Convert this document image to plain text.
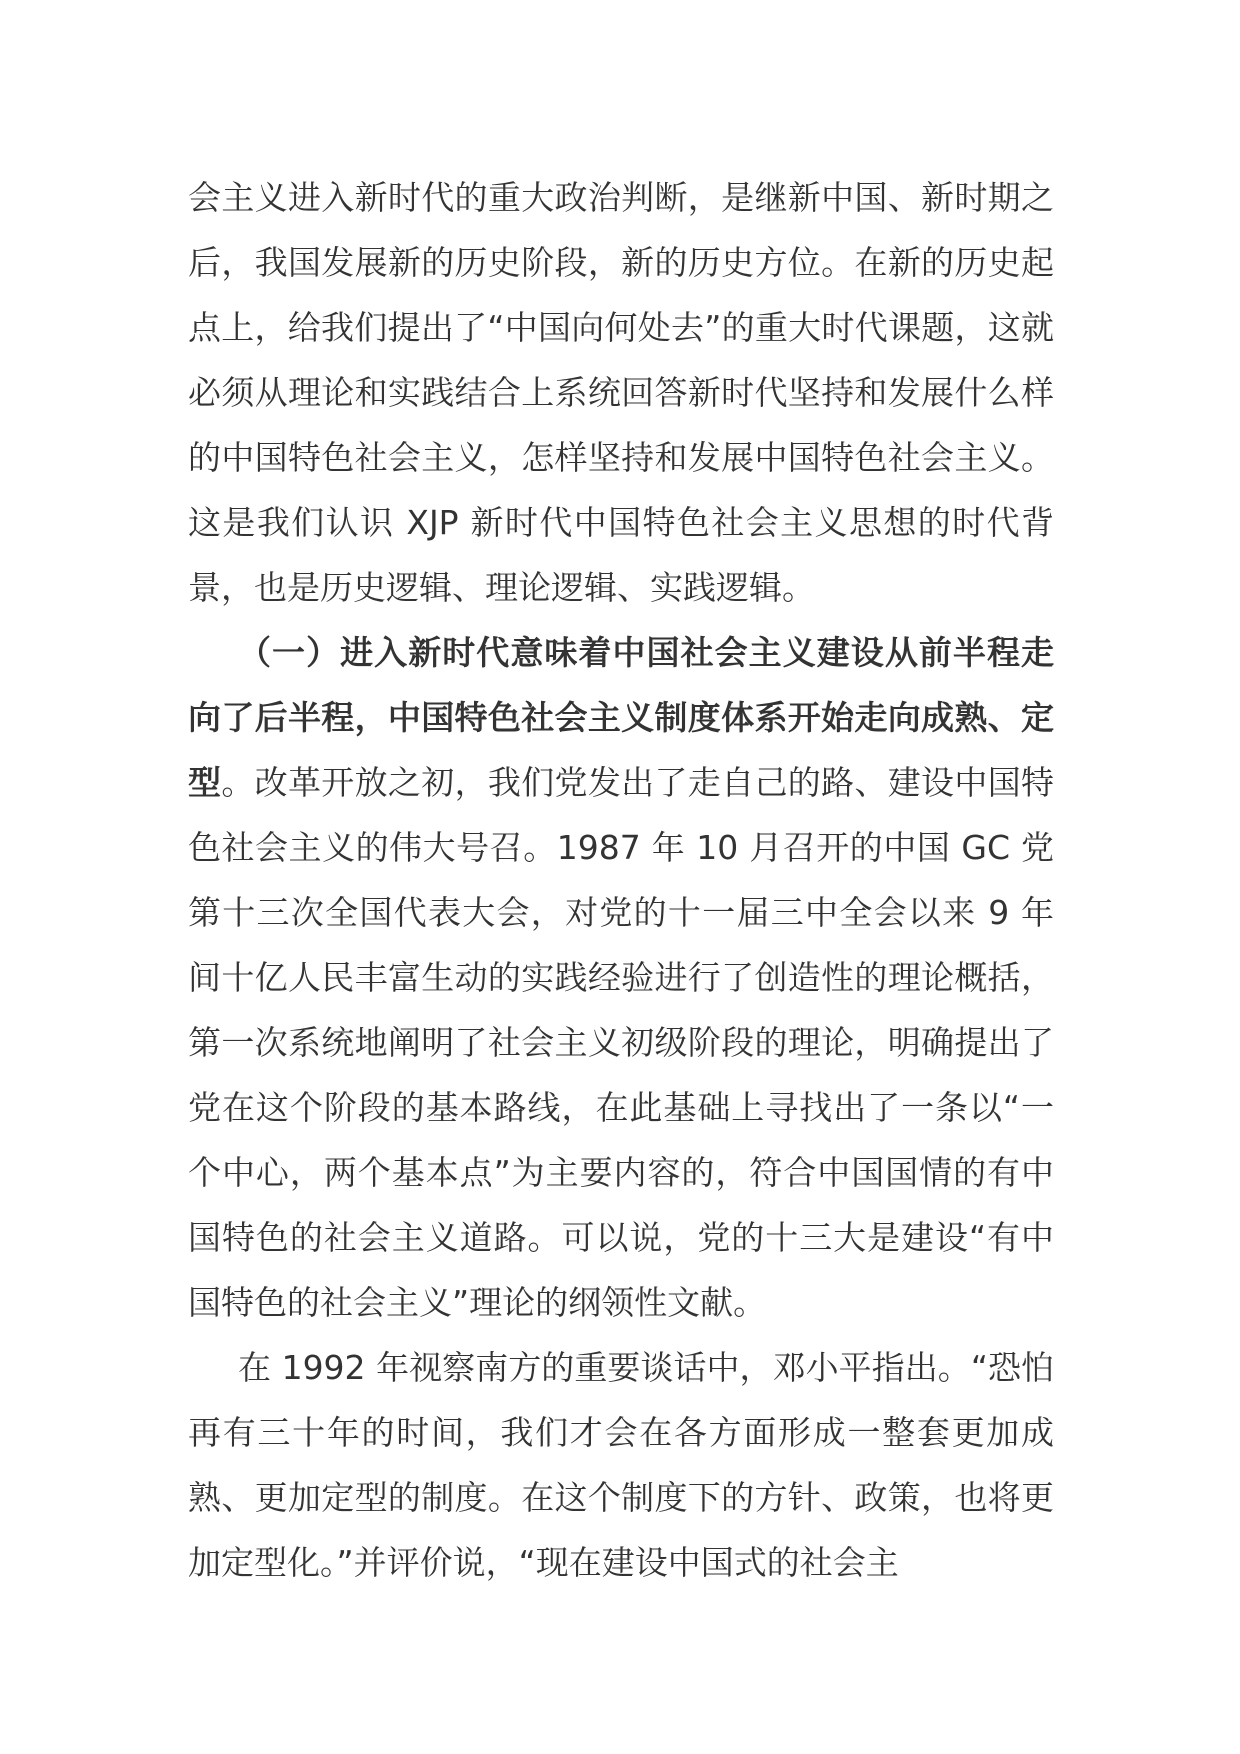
会主义进入新时代的重大政治判断，是继新中国、新时期之后，我国发展新的历史阶段，新的历史方位。在新的历史起点上，给我们提出了“中国向何处去”的重大时代课题，这就必须从理论和实践结合上系统回答新时代坚持和发展什么样的中国特色社会主义，怎样坚持和发展中国特色社会主义。这是我们认识 XJP 新时代中国特色社会主义思想的时代背景，也是历史逻辑、理论逻辑、实践逻辑。

（一）进入新时代意味着中国社会主义建设从前半程走向了后半程，中国特色社会主义制度体系开始走向成熟、定型。改革开放之初，我们党发出了走自己的路、建设中国特色社会主义的伟大号召。1987 年 10 月召开的中国 GC 党第十三次全国代表大会，对党的十一届三中全会以来 9 年间十亿人民丰富生动的实践经验进行了创造性的理论概括，第一次系统地阐明了社会主义初级阶段的理论，明确提出了党在这个阶段的基本路线，在此基础上寻找出了一条以“一个中心，两个基本点”为主要内容的，符合中国国情的有中国特色的社会主义道路。可以说，党的十三大是建设“有中国特色的社会主义”理论的纲领性文献。

在 1992 年视察南方的重要谈话中，邓小平指出。“恐怕再有三十年的时间，我们才会在各方面形成一整套更加成熟、更加定型的制度。在这个制度下的方针、政策，也将更加定型化。”并评价说，“现在建设中国式的社会主
